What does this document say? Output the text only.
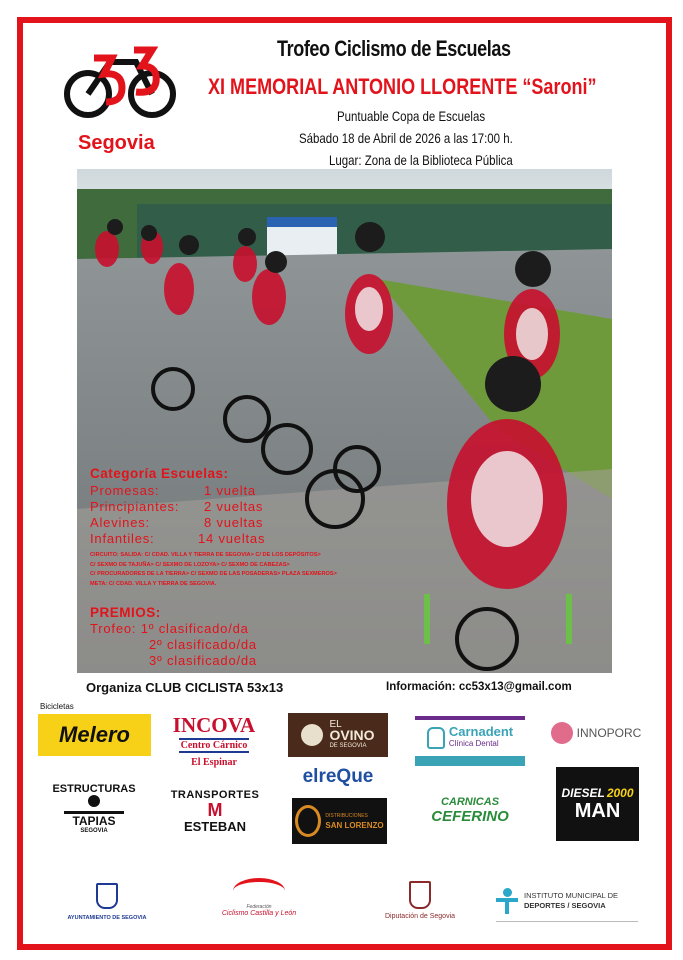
Segovia
Trofeo Ciclismo de Escuelas
XI MEMORIAL ANTONIO LLORENTE “Saroni”
Puntuable Copa de Escuelas
Sábado 18 de Abril de 2026 a las 17:00 h.
Lugar: Zona de la Biblioteca Pública
Categoría Escuelas:
Promesas:	1 vuelta
Principiantes: 2 vueltas
Alevines:	8 vueltas
Infantiles:	14 vueltas
CIRCUITO: SALIDA: C/ CDAD. VILLA Y TIERRA DE SEGOVIA> C/ DE LOS DEPÓSITOS>
C/ SEXMO DE TAJUÑA> C/ SEXMO DE LOZOYA> C/ SEXMO DE CABEZAS>
C/ PROCURADORES DE LA TIERRA> C/ SEXMO DE LAS POSADERAS> PLAZA SEXMEROS>
META: C/ CDAD. VILLA Y TIERRA DE SEGOVIA.
PREMIOS:
Trofeo: 1º clasificado/da
2º clasificado/da
3º clasificado/da
Organiza CLUB CICLISTA 53x13	Información: cc53x13@gmail.com
Bicicletas
Melero INCOVA
Centro Cárnico
El Espinar
EL
OVINO
DE SEGOVIA
Carnadent
Clínica Dental
INNOPORC
ESTRUCTURAS
TAPIAS
SEGOVIA
TRANSPORTES
M
ESTEBAN
elreQue
DISTRIBUCIONES
SAN LORENZO
CARNICAS
CEFERINO
DIESEL 2000
MAN
AYUNTAMIENTO DE SEGOVIA
Federación
Ciclismo Castilla y León	Diputación de Segovia
INSTITUTO MUNICIPAL DE
DEPORTES / SEGOVIA
